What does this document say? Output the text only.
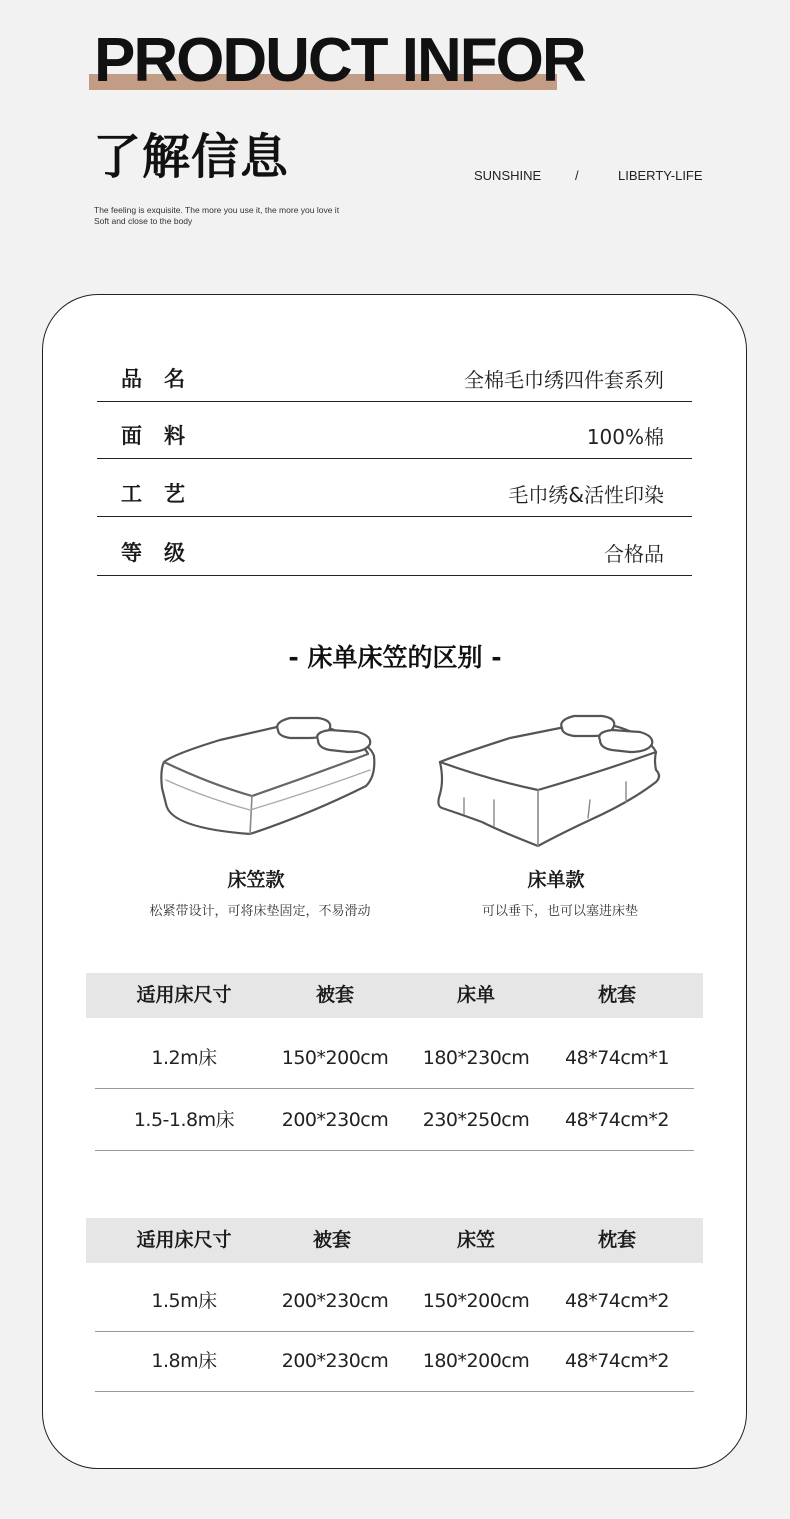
PRODUCT INFOR
了解信息
The feeling is exquisite. The more you use it, the more you love it
Soft and close to the body
SUNSHINE	/	LIBERTY-LIFE
品名	全棉毛巾绣四件套系列
面料	100%棉
工艺	毛巾绣&活性印染
等级	合格品
- 床单床笠的区别 -
床笠款
松紧带设计，可将床垫固定，不易滑动
床单款
可以垂下，也可以塞进床垫
适用床尺寸	被套	床单	枕套
1.2m床	150*200cm	180*230cm	48*74cm*1
1.5-1.8m床	200*230cm	230*250cm	48*74cm*2
适用床尺寸	被套	床笠	枕套
1.5m床	200*230cm	150*200cm	48*74cm*2
1.8m床	200*230cm	180*200cm	48*74cm*2
